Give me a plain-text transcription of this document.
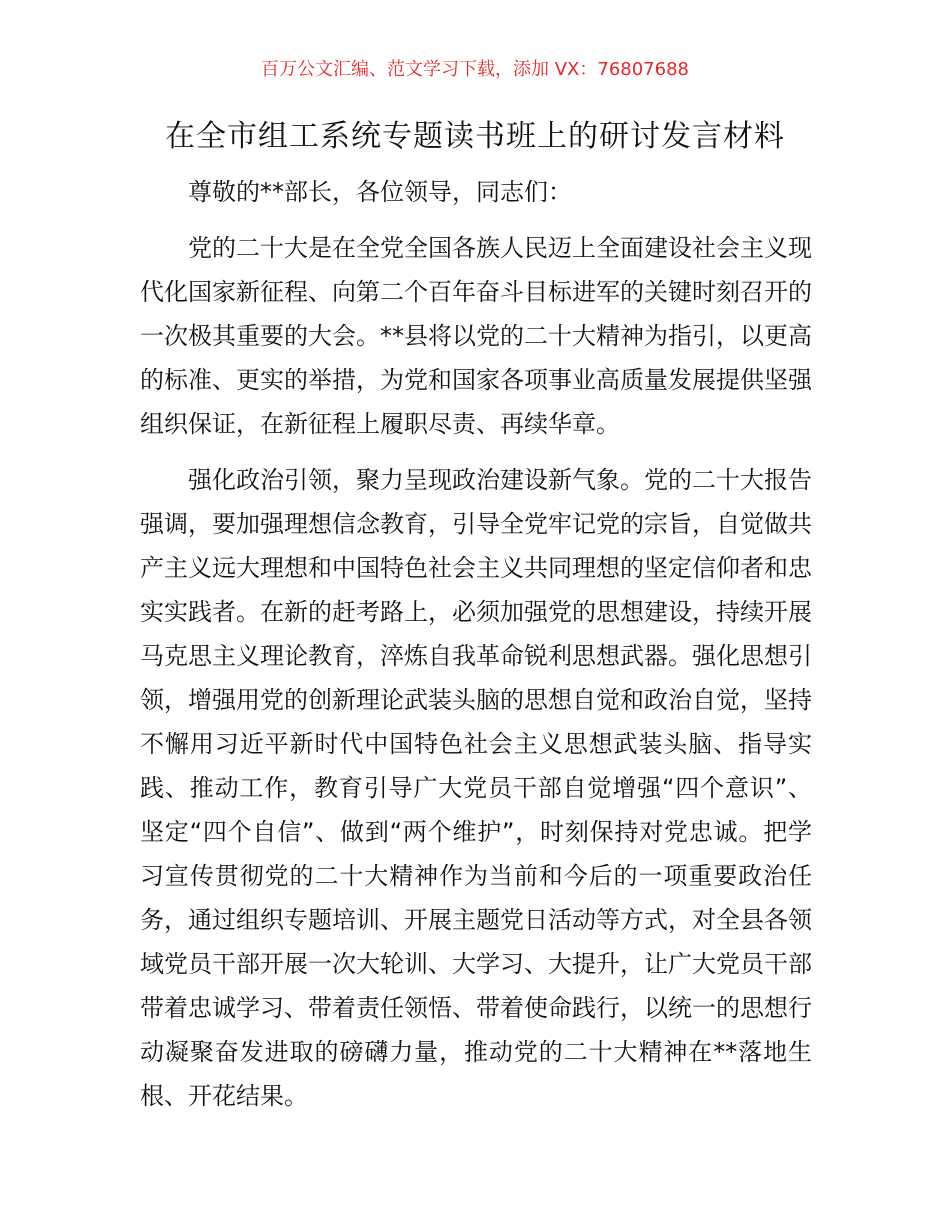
百万公文汇编、范文学习下载，添加 VX：76807688
在全市组工系统专题读书班上的研讨发言材料

尊敬的**部长，各位领导，同志们：

党的二十大是在全党全国各族人民迈上全面建设社会主义现代化国家新征程、向第二个百年奋斗目标进军的关键时刻召开的一次极其重要的大会。**县将以党的二十大精神为指引，以更高的标准、更实的举措，为党和国家各项事业高质量发展提供坚强组织保证，在新征程上履职尽责、再续华章。

强化政治引领，聚力呈现政治建设新气象。党的二十大报告强调，要加强理想信念教育，引导全党牢记党的宗旨，自觉做共产主义远大理想和中国特色社会主义共同理想的坚定信仰者和忠实实践者。在新的赶考路上，必须加强党的思想建设，持续开展马克思主义理论教育，淬炼自我革命锐利思想武器。强化思想引领，增强用党的创新理论武装头脑的思想自觉和政治自觉，坚持不懈用习近平新时代中国特色社会主义思想武装头脑、指导实践、推动工作，教育引导广大党员干部自觉增强“四个意识”、坚定“四个自信”、做到“两个维护”，时刻保持对党忠诚。把学习宣传贯彻党的二十大精神作为当前和今后的一项重要政治任务，通过组织专题培训、开展主题党日活动等方式，对全县各领域党员干部开展一次大轮训、大学习、大提升，让广大党员干部带着忠诚学习、带着责任领悟、带着使命践行，以统一的思想行动凝聚奋发进取的磅礴力量，推动党的二十大精神在**落地生根、开花结果。
